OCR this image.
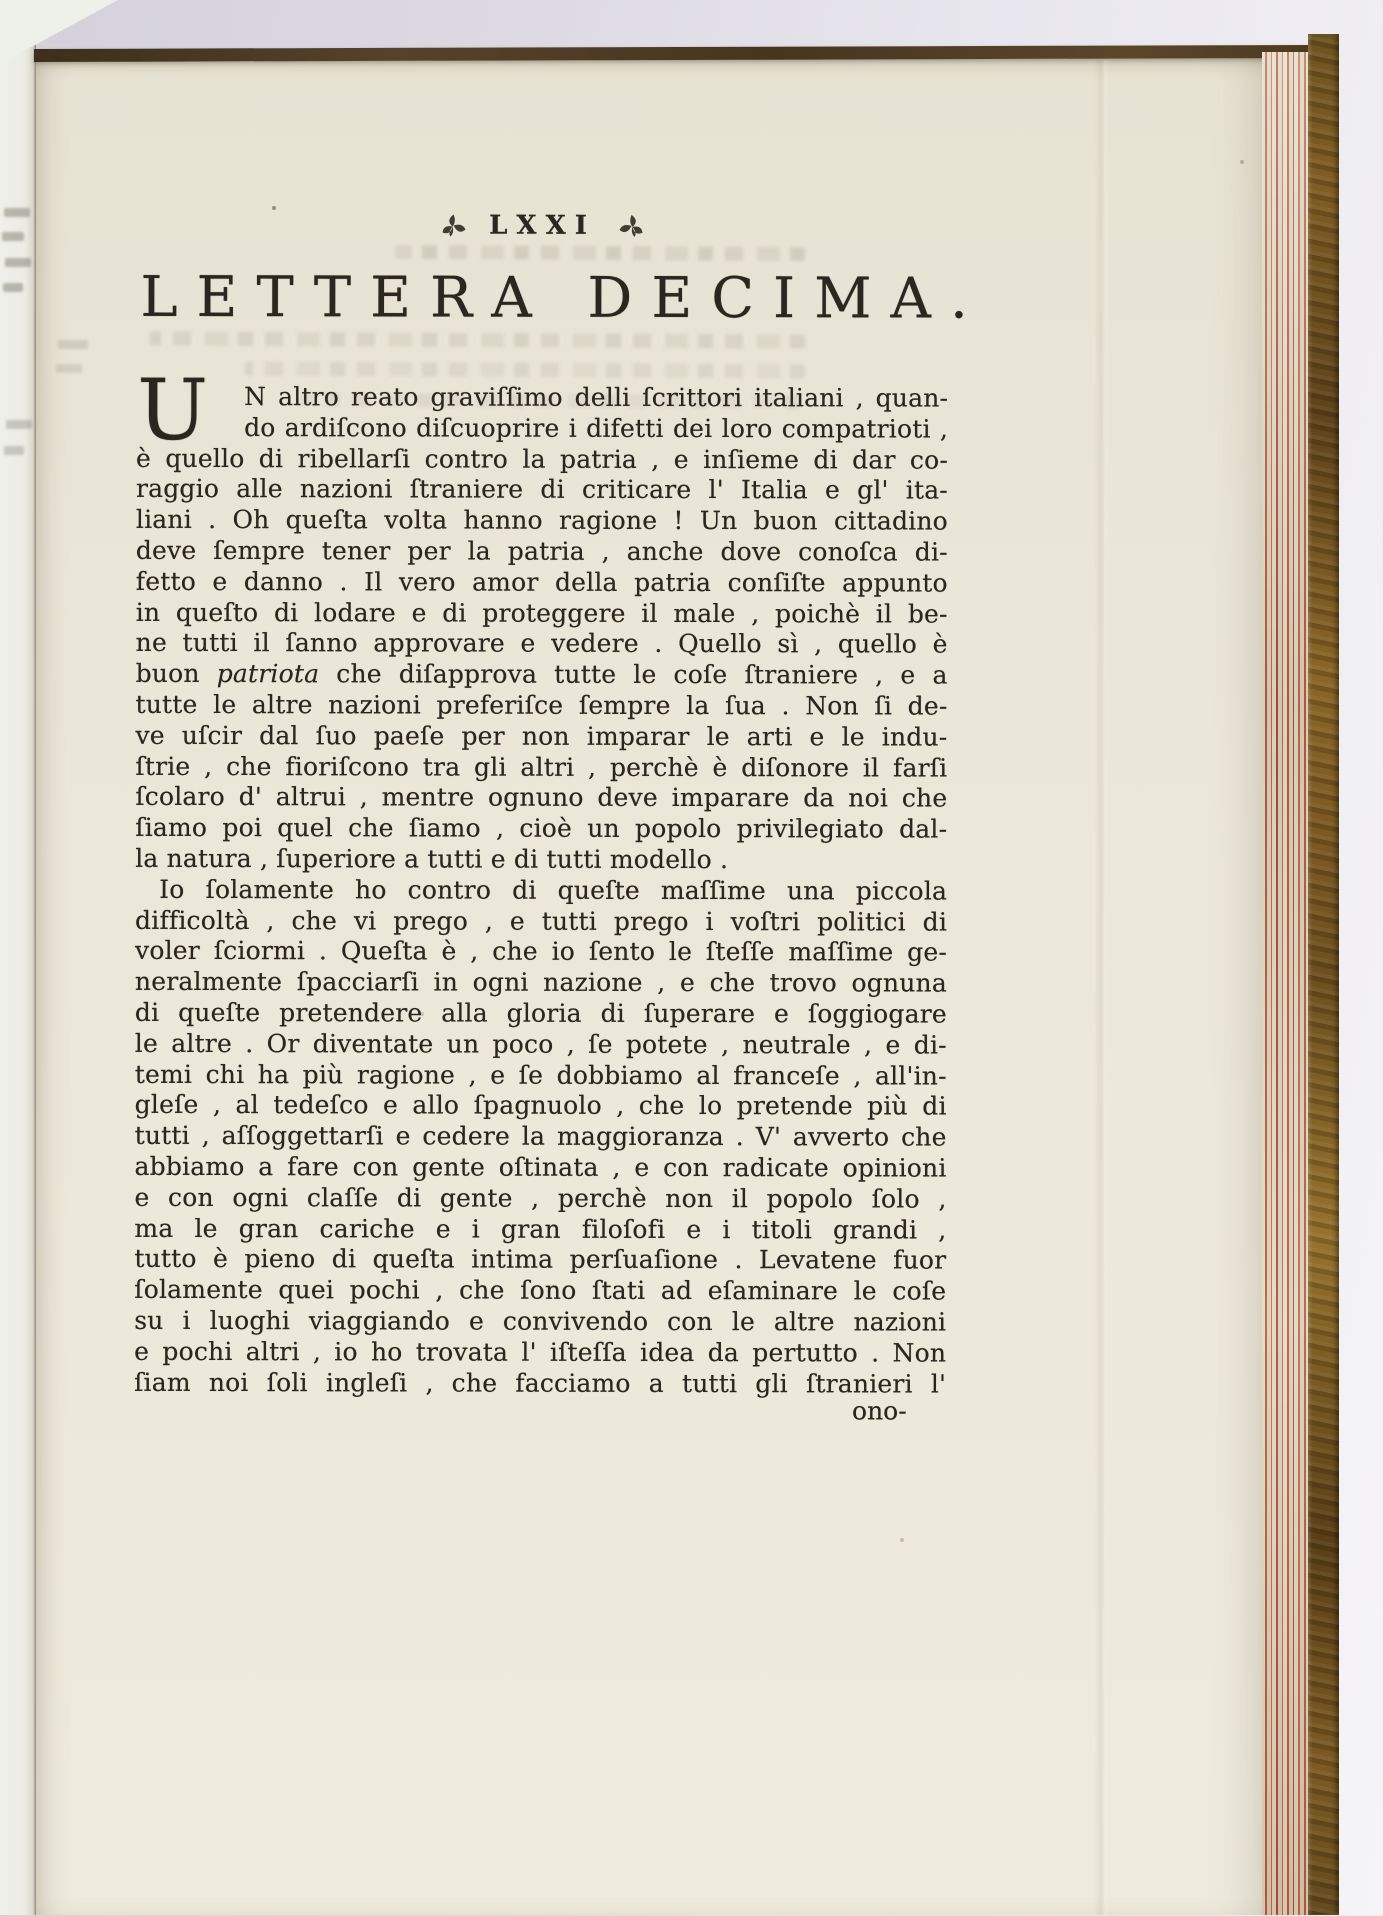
LXXI
LETTERA DECIMA.
U	N altro reato graviſſimo delli ſcrittori italiani , quan-
do ardiſcono diſcuoprire i difetti dei loro compatrioti ,
è quello di ribellarſi contro la patria , e inſieme di dar co-
raggio alle nazioni ſtraniere di criticare l' Italia e gl' ita-
liani . Oh queſta volta hanno ragione ! Un buon cittadino
deve ſempre tener per la patria , anche dove conoſca di-
fetto e danno . Il vero amor della patria conſiſte appunto
in queſto di lodare e di proteggere il male , poichè il be-
ne tutti il ſanno approvare e vedere . Quello sì , quello è
buon patriota che diſapprova tutte le coſe ſtraniere , e a
tutte le altre nazioni preferiſce ſempre la ſua . Non ſi de-
ve uſcir dal ſuo paeſe per non imparar le arti e le indu-
ſtrie , che fioriſcono tra gli altri , perchè è diſonore il farſi
ſcolaro d' altrui , mentre ognuno deve imparare da noi che
ſiamo poi quel che ſiamo , cioè un popolo privilegiato dal-
la natura , ſuperiore a tutti e di tutti modello .
Io ſolamente ho contro di queſte maſſime una piccola
difficoltà , che vi prego , e tutti prego i voſtri politici di
voler ſciormi . Queſta è , che io ſento le ſteſſe maſſime ge-
neralmente ſpacciarſi in ogni nazione , e che trovo ognuna
di queſte pretendere alla gloria di ſuperare e ſoggiogare
le altre . Or diventate un poco , ſe potete , neutrale , e di-
temi chi ha più ragione , e ſe dobbiamo al franceſe , all'in-
gleſe , al tedeſco e allo ſpagnuolo , che lo pretende più di
tutti , aſſoggettarſi e cedere la maggioranza . V' avverto che
abbiamo a fare con gente oſtinata , e con radicate opinioni
e con ogni claſſe di gente , perchè non il popolo ſolo ,
ma le gran cariche e i gran filoſofi e i titoli grandi ,
tutto è pieno di queſta intima perſuaſione . Levatene fuor
ſolamente quei pochi , che ſono ſtati ad eſaminare le coſe
su i luoghi viaggiando e convivendo con le altre nazioni
e pochi altri , io ho trovata l' iſteſſa idea da pertutto . Non
ſiam noi ſoli ingleſi , che facciamo a tutti gli ſtranieri l'
ono-
